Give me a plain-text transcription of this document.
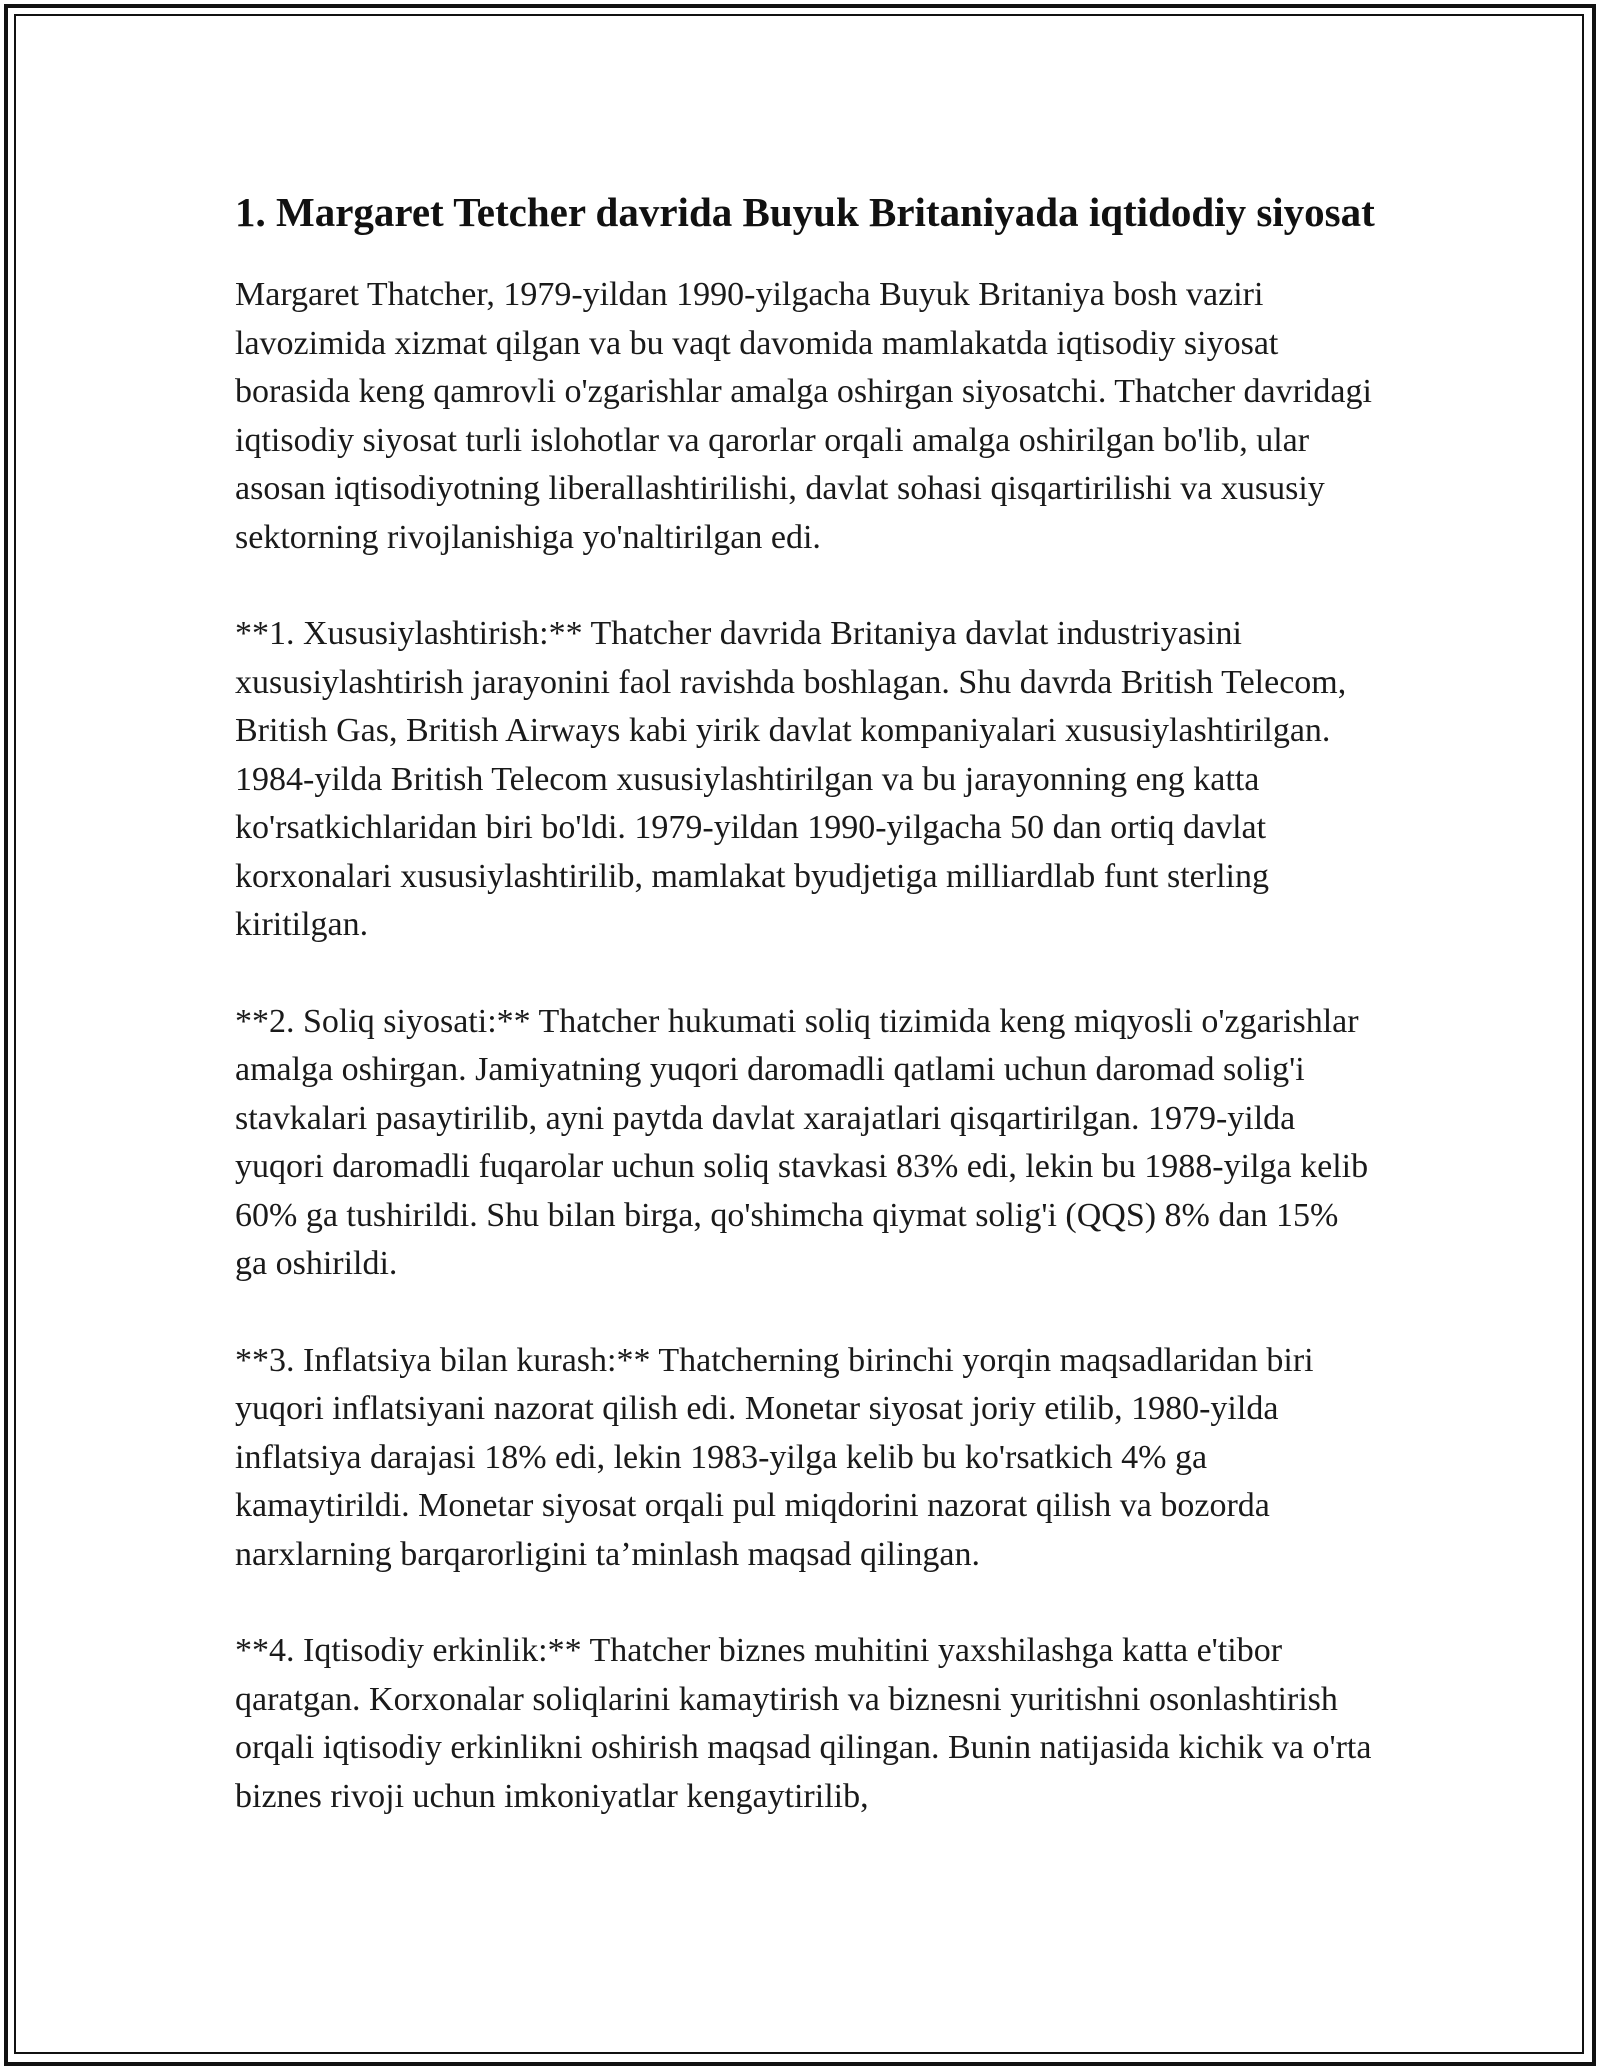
1. Margaret Tetcher davrida Buyuk Britaniyada iqtidodiy siyosat

Margaret Thatcher, 1979-yildan 1990-yilgacha Buyuk Britaniya bosh vaziri lavozimida xizmat qilgan va bu vaqt davomida mamlakatda iqtisodiy siyosat borasida keng qamrovli o'zgarishlar amalga oshirgan siyosatchi. Thatcher davridagi iqtisodiy siyosat turli islohotlar va qarorlar orqali amalga oshirilgan bo'lib, ular asosan iqtisodiyotning liberallashtirilishi, davlat sohasi qisqartirilishi va xususiy sektorning rivojlanishiga yo'naltirilgan edi.

**1. Xususiylashtirish:** Thatcher davrida Britaniya davlat industriyasini xususiylashtirish jarayonini faol ravishda boshlagan. Shu davrda British Telecom, British Gas, British Airways kabi yirik davlat kompaniyalari xususiylashtirilgan. 1984-yilda British Telecom xususiylashtirilgan va bu jarayonning eng katta ko'rsatkichlaridan biri bo'ldi. 1979-yildan 1990-yilgacha 50 dan ortiq davlat korxonalari xususiylashtirilib, mamlakat byudjetiga milliardlab funt sterling kiritilgan.

**2. Soliq siyosati:** Thatcher hukumati soliq tizimida keng miqyosli o'zgarishlar amalga oshirgan. Jamiyatning yuqori daromadli qatlami uchun daromad solig'i stavkalari pasaytirilib, ayni paytda davlat xarajatlari qisqartirilgan. 1979-yilda yuqori daromadli fuqarolar uchun soliq stavkasi 83% edi, lekin bu 1988-yilga kelib 60% ga tushirildi. Shu bilan birga, qo'shimcha qiymat solig'i (QQS) 8% dan 15% ga oshirildi.

**3. Inflatsiya bilan kurash:** Thatcherning birinchi yorqin maqsadlaridan biri yuqori inflatsiyani nazorat qilish edi. Monetar siyosat joriy etilib, 1980-yilda inflatsiya darajasi 18% edi, lekin 1983-yilga kelib bu ko'rsatkich 4% ga kamaytirildi. Monetar siyosat orqali pul miqdorini nazorat qilish va bozorda narxlarning barqarorligini ta’minlash maqsad qilingan.

**4. Iqtisodiy erkinlik:** Thatcher biznes muhitini yaxshilashga katta e'tibor qaratgan. Korxonalar soliqlarini kamaytirish va biznesni yuritishni osonlashtirish orqali iqtisodiy erkinlikni oshirish maqsad qilingan. Bunin natijasida kichik va o'rta biznes rivoji uchun imkoniyatlar kengaytirilib,
